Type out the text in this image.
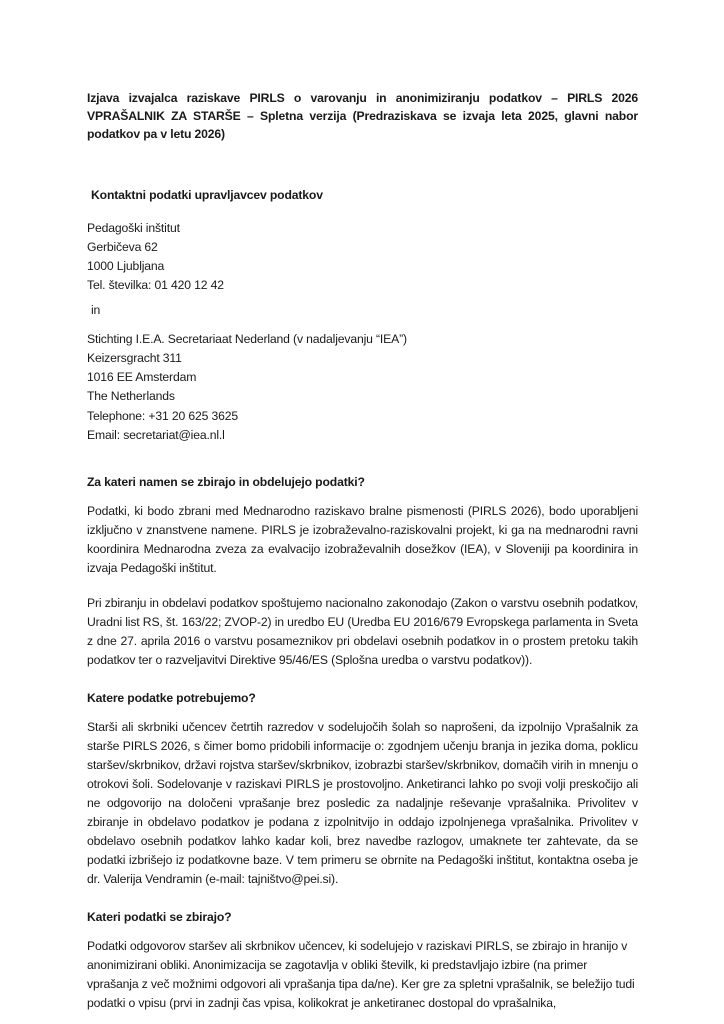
Izjava izvajalca raziskave PIRLS o varovanju in anonimiziranju podatkov – PIRLS 2026 VPRAŠALNIK ZA STARŠE – Spletna verzija (Predraziskava se izvaja leta 2025, glavni nabor podatkov pa v letu 2026)

Kontaktni podatki upravljavcev podatkov

Pedagoški inštitut
Gerbičeva 62
1000 Ljubljana
Tel. številka: 01 420 12 42
in
Stichting I.E.A. Secretariaat Nederland (v nadaljevanju “IEA”)
Keizersgracht 311
1016 EE Amsterdam
The Netherlands
Telephone: +31 20 625 3625
Email: secretariat@iea.nl.l

Za kateri namen se zbirajo in obdelujejo podatki?

Podatki, ki bodo zbrani med Mednarodno raziskavo bralne pismenosti (PIRLS 2026), bodo uporabljeni izključno v znanstvene namene. PIRLS je izobraževalno-raziskovalni projekt, ki ga na mednarodni ravni koordinira Mednarodna zveza za evalvacijo izobraževalnih dosežkov (IEA), v Sloveniji pa koordinira in izvaja Pedagoški inštitut.

Pri zbiranju in obdelavi podatkov spoštujemo nacionalno zakonodajo (Zakon o varstvu osebnih podatkov, Uradni list RS, št. 163/22; ZVOP-2) in uredbo EU (Uredba EU 2016/679 Evropskega parlamenta in Sveta z dne 27. aprila 2016 o varstvu posameznikov pri obdelavi osebnih podatkov in o prostem pretoku takih podatkov ter o razveljavitvi Direktive 95/46/ES (Splošna uredba o varstvu podatkov)).

Katere podatke potrebujemo?

Starši ali skrbniki učencev četrtih razredov v sodelujočih šolah so naprošeni, da izpolnijo Vprašalnik za starše PIRLS 2026, s čimer bomo pridobili informacije o: zgodnjem učenju branja in jezika doma, poklicu staršev/skrbnikov, državi rojstva staršev/skrbnikov, izobrazbi staršev/skrbnikov, domačih virih in mnenju o otrokovi šoli. Sodelovanje v raziskavi PIRLS je prostovoljno. Anketiranci lahko po svoji volji preskočijo ali ne odgovorijo na določeni vprašanje brez posledic za nadaljnje reševanje vprašalnika. Privolitev v zbiranje in obdelavo podatkov je podana z izpolnitvijo in oddajo izpolnjenega vprašalnika. Privolitev v obdelavo osebnih podatkov lahko kadar koli, brez navedbe razlogov, umaknete ter zahtevate, da se podatki izbrišejo iz podatkovne baze. V tem primeru se obrnite na Pedagoški inštitut, kontaktna oseba je dr. Valerija Vendramin (e-mail: tajništvo@pei.si).

Kateri podatki se zbirajo?

Podatki odgovorov staršev ali skrbnikov učencev, ki sodelujejo v raziskavi PIRLS, se zbirajo in hranijo v anonimizirani obliki. Anonimizacija se zagotavlja v obliki številk, ki predstavljajo izbire (na primer vprašanja z več možnimi odgovori ali vprašanja tipa da/ne). Ker gre za spletni vprašalnik, se beležijo tudi podatki o vpisu (prvi in zadnji čas vpisa, kolikokrat je anketiranec dostopal do vprašalnika,
